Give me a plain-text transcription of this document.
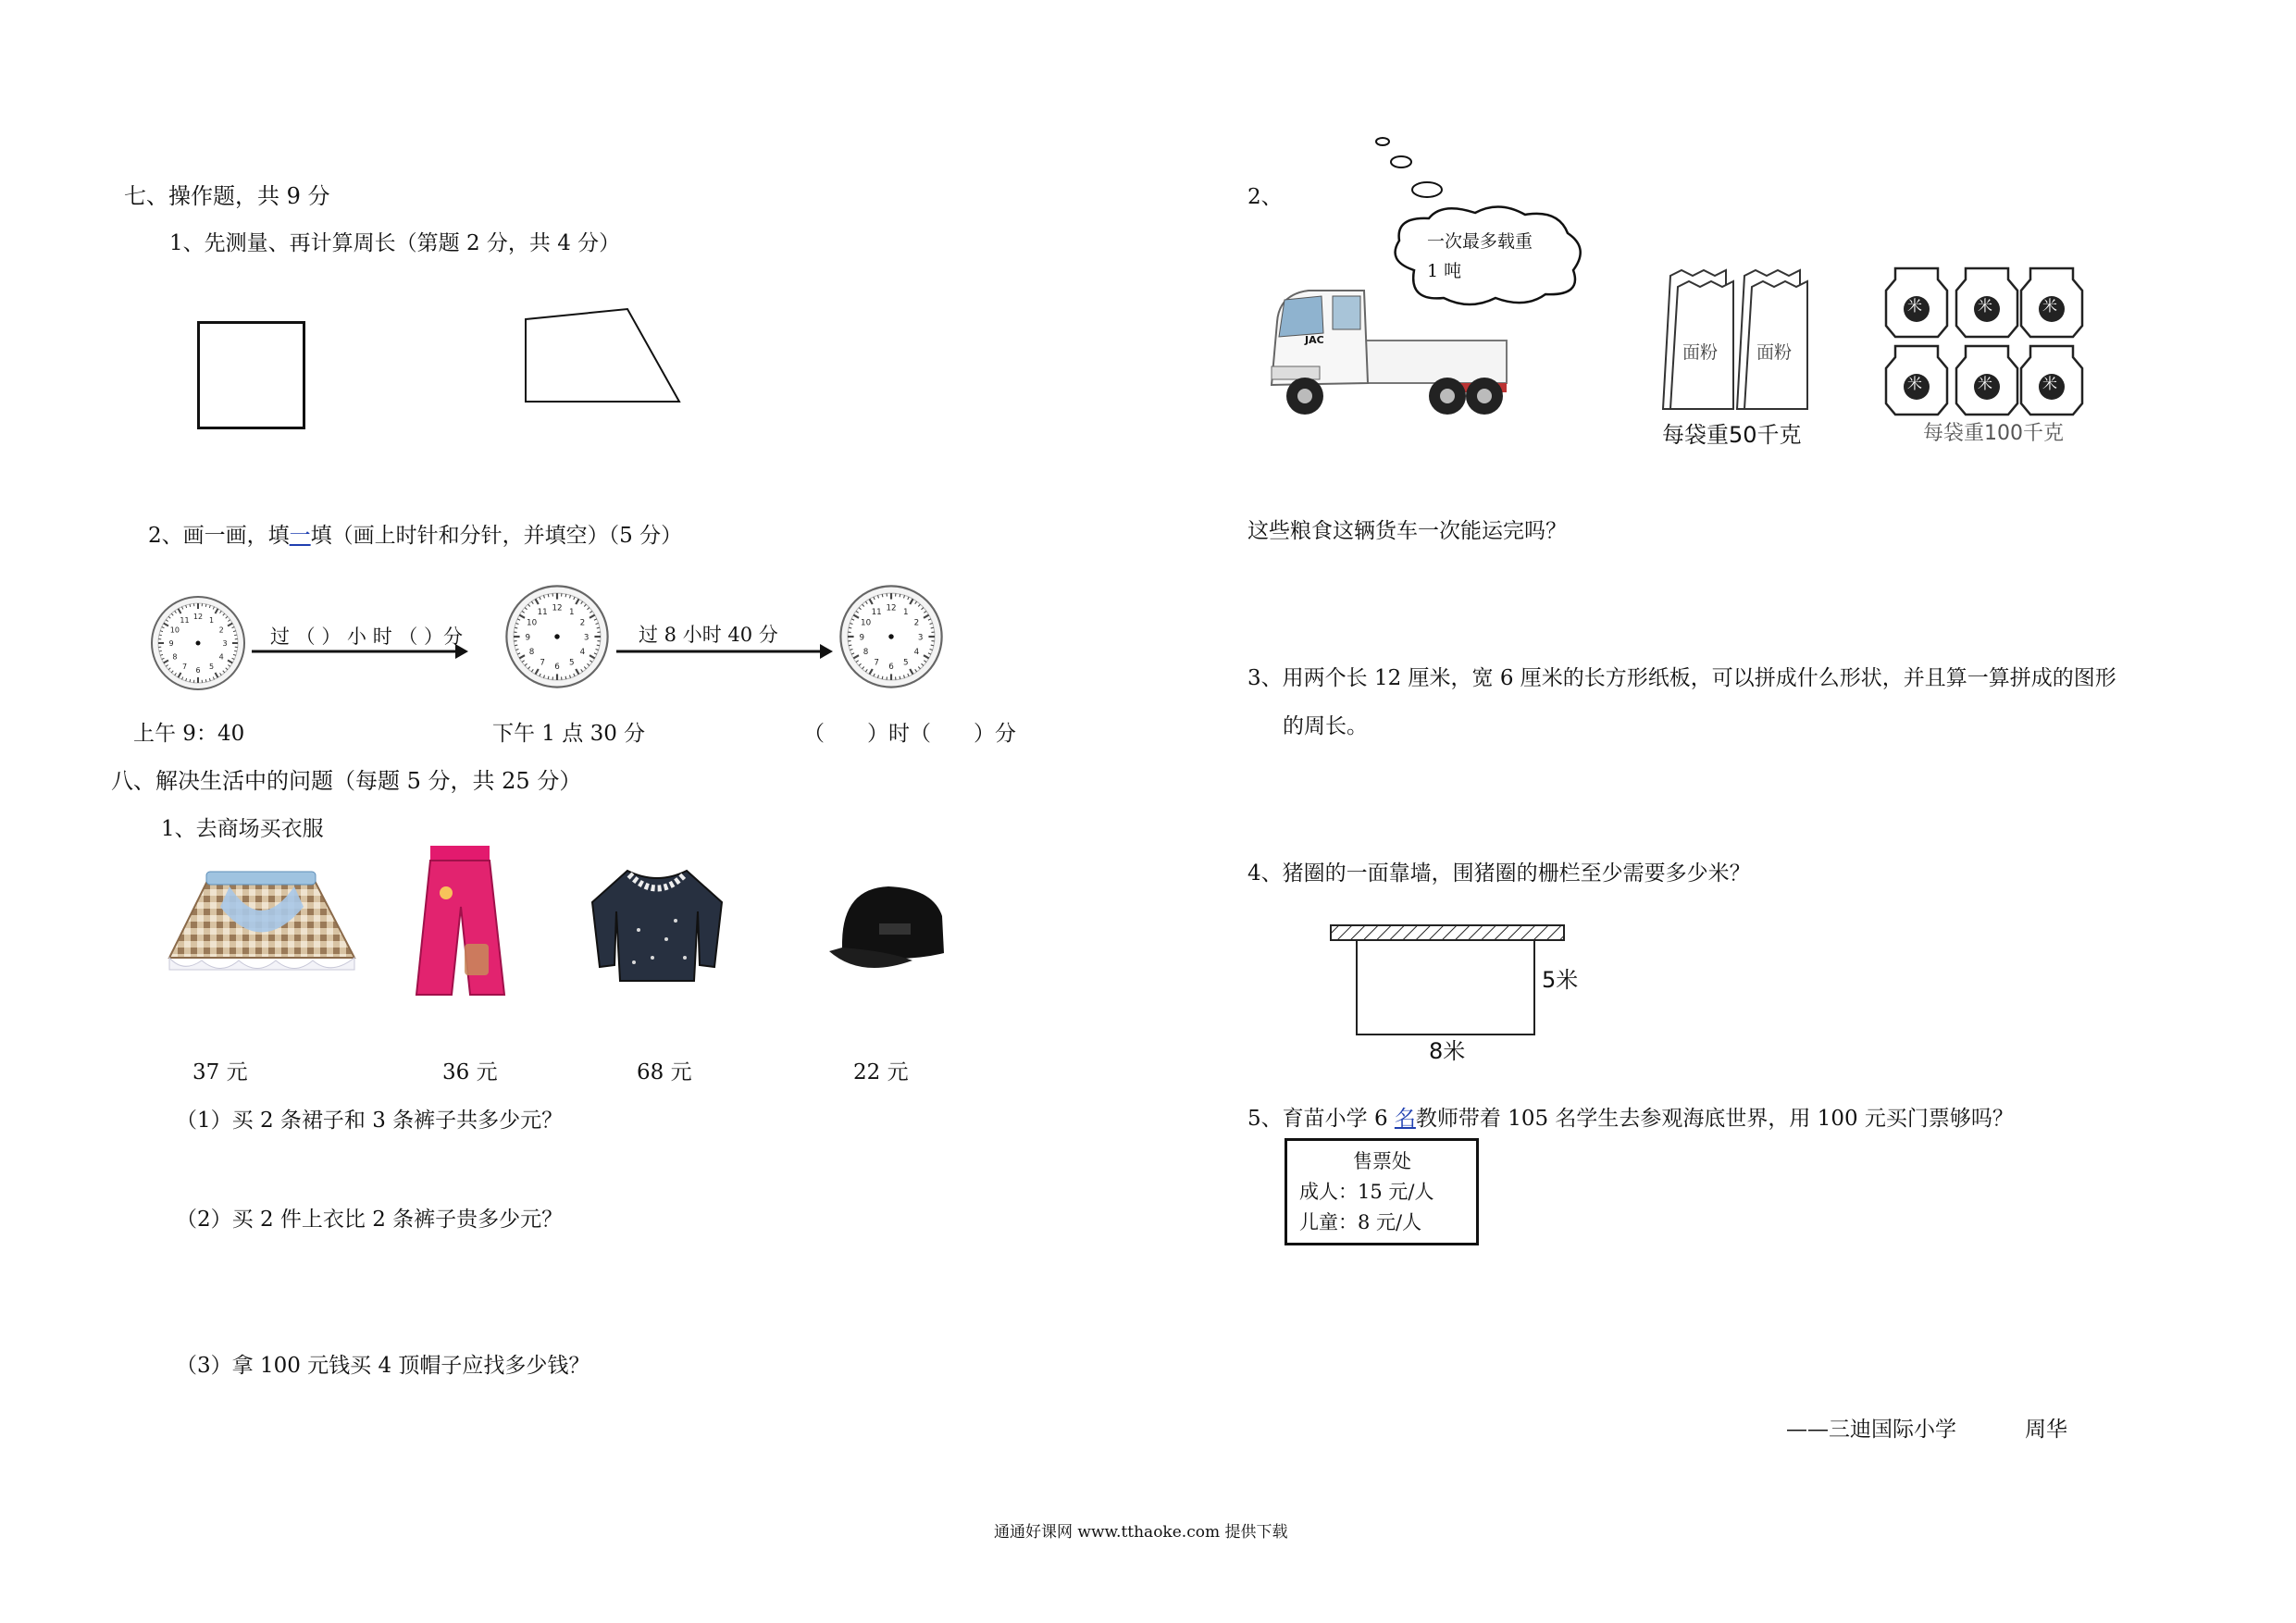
七、操作题，共 9 分
1、先测量、再计算周长（第题 2 分，共 4 分）
2、画一画，填一填（画上时针和分针，并填空）（5 分）
12 1
2
3
4
5
6
7
8
9
10
11
12 1
2
3
4
5
6
7
8
9
10
11	12 1
2
3
4
5
6
7
8
9
10
11
过 （ ） 小 时 （ ）分	过 8 小时 40 分
上午 9：40	下午 1 点 30 分	（　　）时（　　）分
八、解决生活中的问题（每题 5 分，共 25 分）
1、去商场买衣服
37 元	36 元	68 元	22 元
（1）买 2 条裙子和 3 条裤子共多少元？
（2）买 2 件上衣比 2 条裤子贵多少元？
（3）拿 100 元钱买 4 顶帽子应找多少钱？
2、
一次最多载重
1 吨
JAC
面粉 面粉
每袋重50千克
米	米	米
米	米	米
每袋重100千克
这些粮食这辆货车一次能运完吗？
3、用两个长 12 厘米，宽 6 厘米的长方形纸板，可以拼成什么形状，并且算一算拼成的图形
的周长。
4、猪圈的一面靠墙，围猪圈的栅栏至少需要多少米？
5米
8米
5、育苗小学 6 名教师带着 105 名学生去参观海底世界，用 100 元买门票够吗？
售票处
成人：15 元/人
儿童：8 元/人
——三迪国际小学	周华
通通好课网 www.tthaoke.com 提供下载
